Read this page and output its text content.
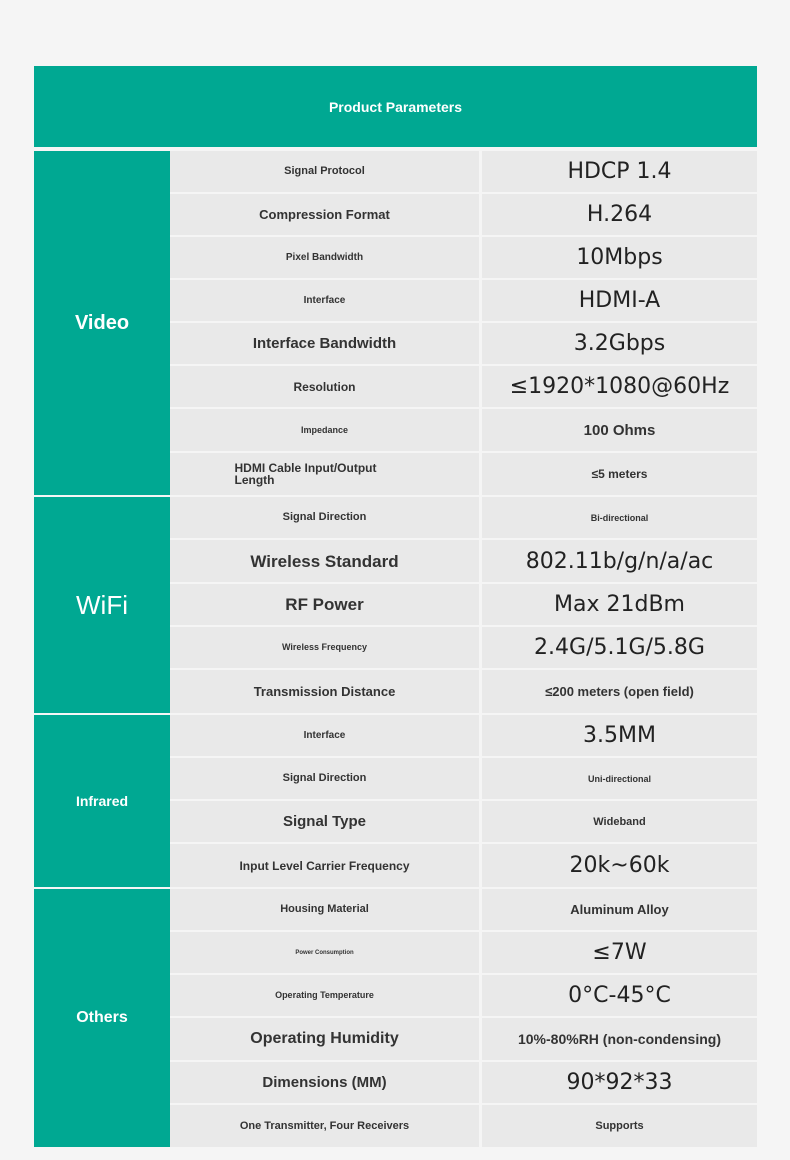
Product Parameters
Video
Signal Protocol	HDCP 1.4
Compression Format	H.264
Pixel Bandwidth	10Mbps
Interface	HDMI-A
Interface Bandwidth	3.2Gbps
Resolution	≤1920*1080@60Hz
Impedance	100 Ohms
HDMI Cable Input/Output Length	≤5 meters
WiFi
Signal Direction	Bi-directional
Wireless Standard	802.11b/g/n/a/ac
RF Power	Max 21dBm
Wireless Frequency	2.4G/5.1G/5.8G
Transmission Distance	≤200 meters (open field)
Infrared
Interface	3.5MM
Signal Direction	Uni-directional
Signal Type	Wideband
Input Level Carrier Frequency	20k~60k
Others
Housing Material	Aluminum Alloy
Power Consumption	≤7W
Operating Temperature	0°C-45°C
Operating Humidity	10%-80%RH (non-condensing)
Dimensions (MM)	90*92*33
One Transmitter, Four Receivers	Supports
